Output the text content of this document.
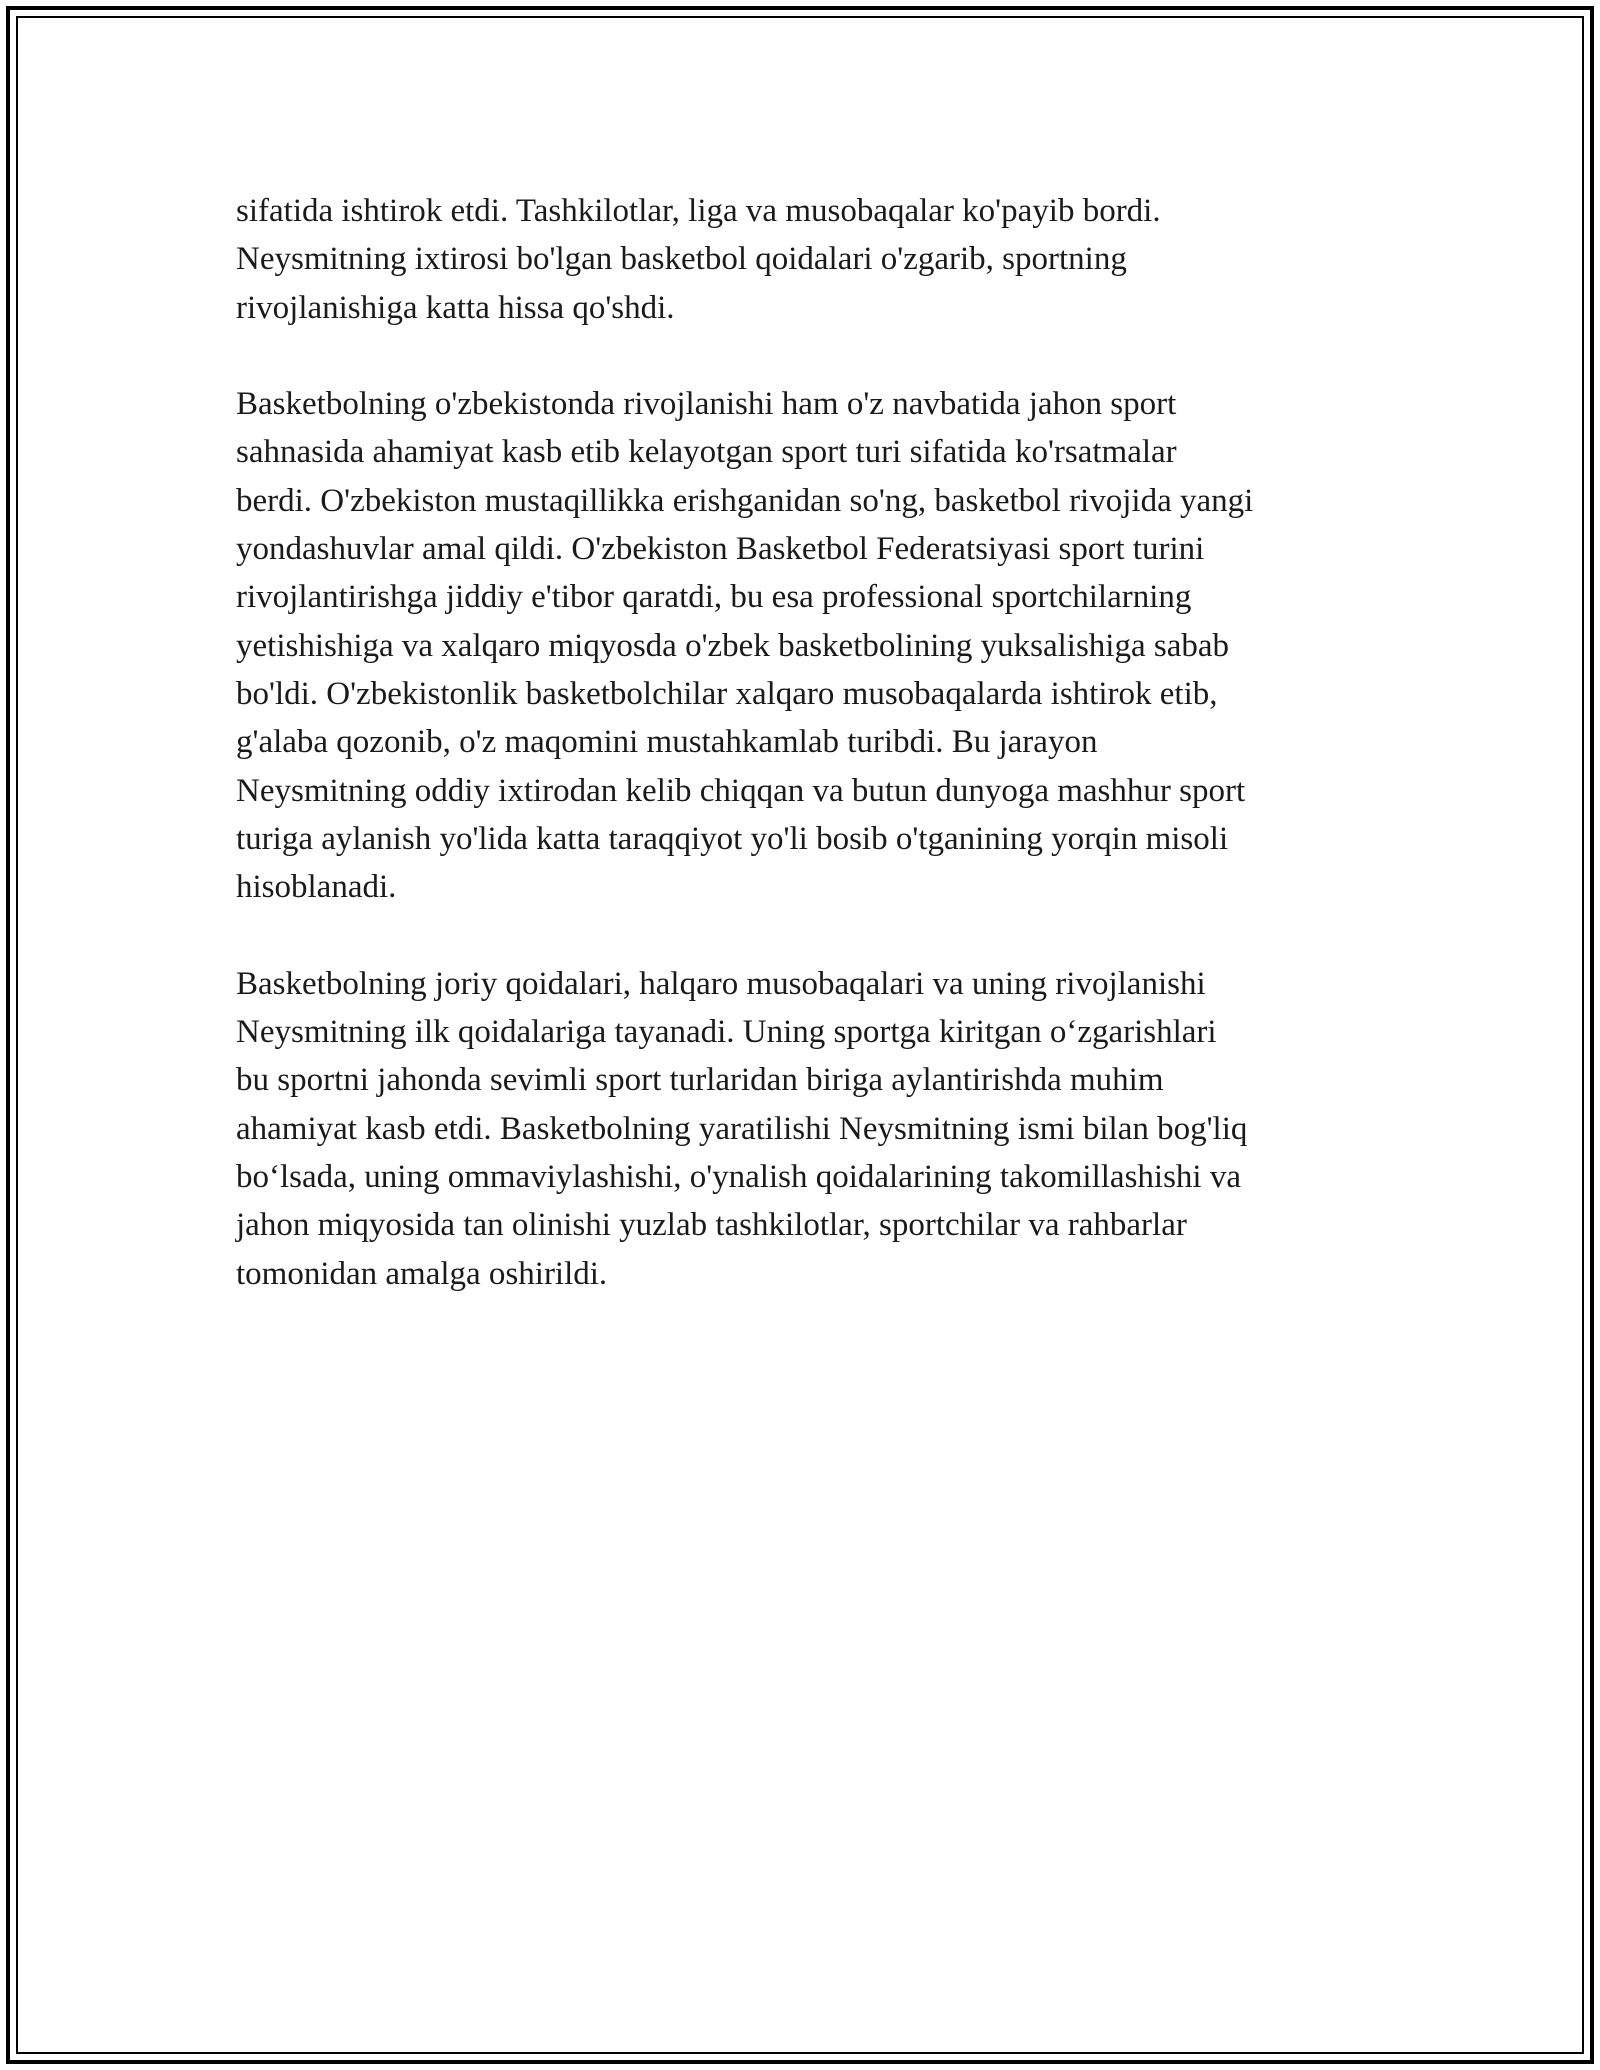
sifatida ishtirok etdi. Tashkilotlar, liga va musobaqalar ko'payib bordi.
Neysmitning ixtirosi bo'lgan basketbol qoidalari o'zgarib, sportning
rivojlanishiga katta hissa qo'shdi.

Basketbolning o'zbekistonda rivojlanishi ham o'z navbatida jahon sport
sahnasida ahamiyat kasb etib kelayotgan sport turi sifatida ko'rsatmalar
berdi. O'zbekiston mustaqillikka erishganidan so'ng, basketbol rivojida yangi
yondashuvlar amal qildi. O'zbekiston Basketbol Federatsiyasi sport turini
rivojlantirishga jiddiy e'tibor qaratdi, bu esa professional sportchilarning
yetishishiga va xalqaro miqyosda o'zbek basketbolining yuksalishiga sabab
bo'ldi. O'zbekistonlik basketbolchilar xalqaro musobaqalarda ishtirok etib,
g'alaba qozonib, o'z maqomini mustahkamlab turibdi. Bu jarayon
Neysmitning oddiy ixtirodan kelib chiqqan va butun dunyoga mashhur sport
turiga aylanish yo'lida katta taraqqiyot yo'li bosib o'tganining yorqin misoli
hisoblanadi.

Basketbolning joriy qoidalari, halqaro musobaqalari va uning rivojlanishi
Neysmitning ilk qoidalariga tayanadi. Uning sportga kiritgan o‘zgarishlari
bu sportni jahonda sevimli sport turlaridan biriga aylantirishda muhim
ahamiyat kasb etdi. Basketbolning yaratilishi Neysmitning ismi bilan bog'liq
bo‘lsada, uning ommaviylashishi, o'ynalish qoidalarining takomillashishi va
jahon miqyosida tan olinishi yuzlab tashkilotlar, sportchilar va rahbarlar
tomonidan amalga oshirildi.
